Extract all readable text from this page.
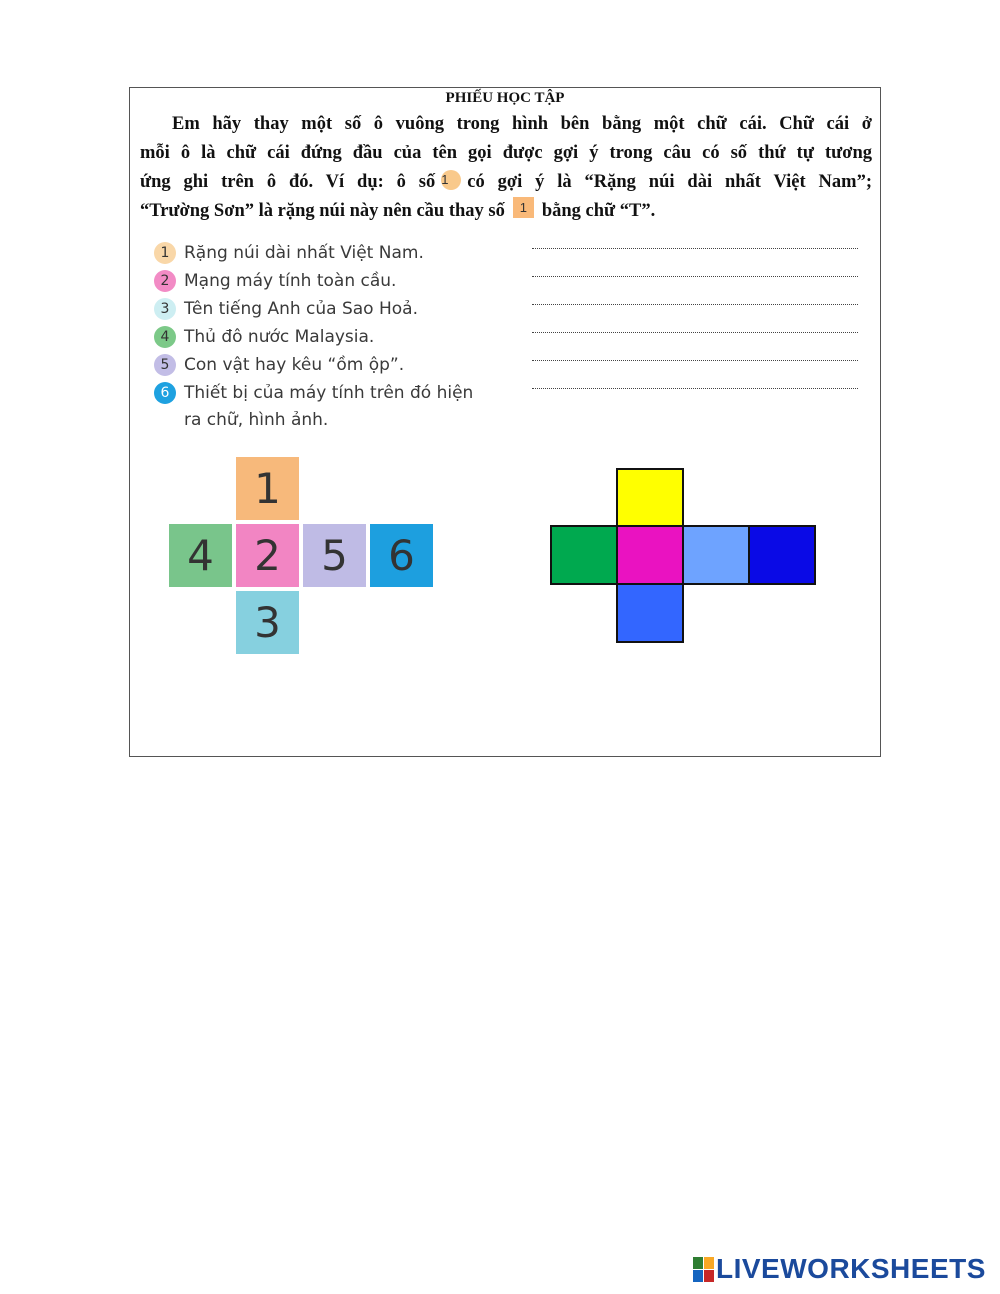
PHIẾU HỌC TẬP
Em hãy thay một số ô vuông trong hình bên bằng một chữ cái. Chữ cái ở
mỗi ô là chữ cái đứng đầu của tên gọi được gợi ý trong câu có số thứ tự tương
ứng ghi trên ô đó. Ví dụ: ô số 1 có gợi ý là “Rặng núi dài nhất Việt Nam”;
“Trường Sơn” là rặng núi này nên cầu thay số 1 bằng chữ “T”.
1 Rặng núi dài nhất Việt Nam.
2 Mạng máy tính toàn cầu.
3 Tên tiếng Anh của Sao Hoả.
4 Thủ đô nước Malaysia.
5 Con vật hay kêu “ồm ộp”.
6 Thiết bị của máy tính trên đó hiện
ra chữ, hình ảnh.
1
4 2 5 6
3
LIVEWORKSHEETS
